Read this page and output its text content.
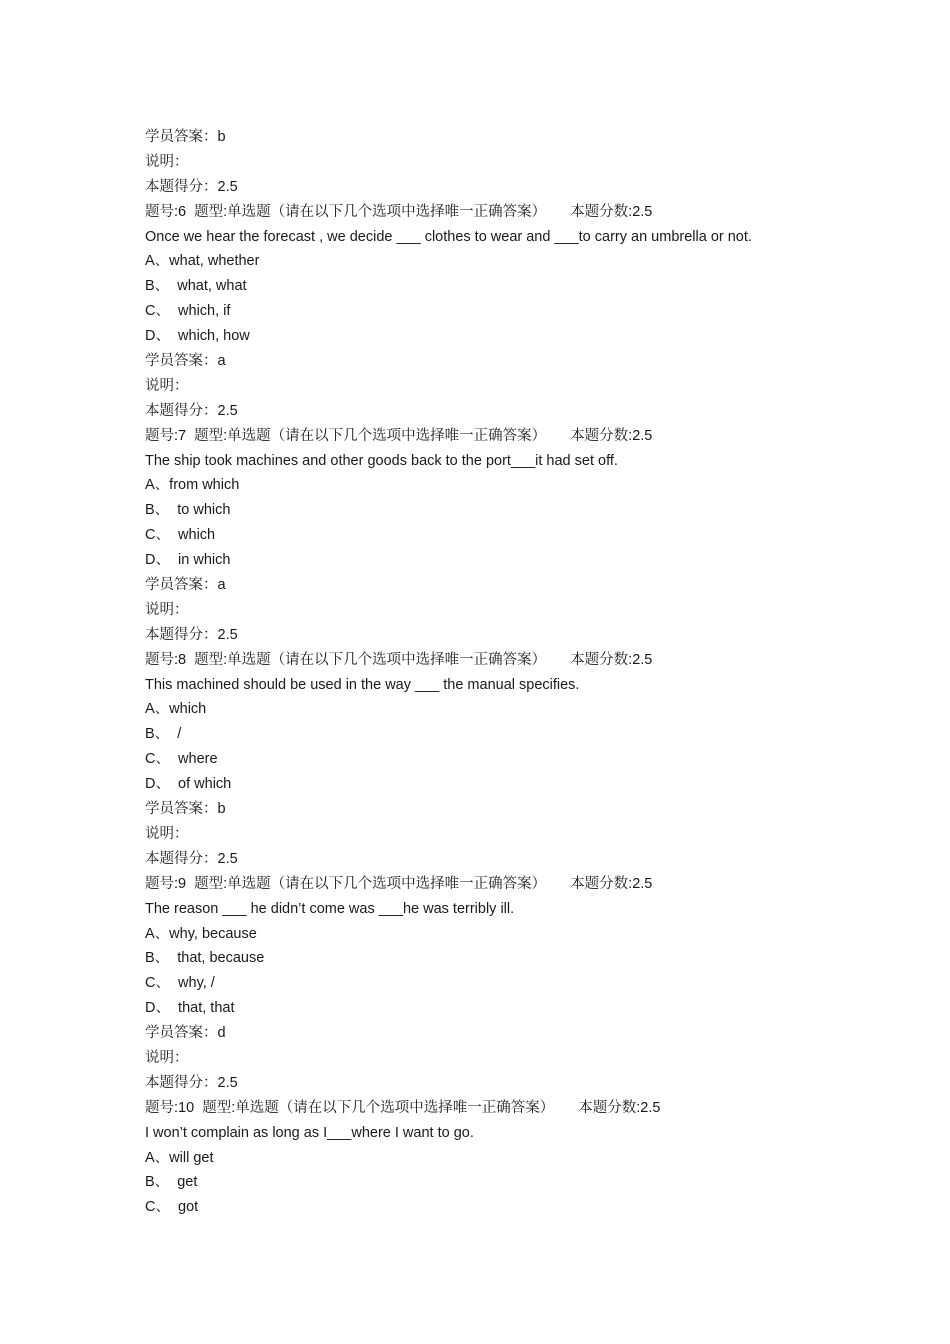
学员答案：b
说明：
本题得分：2.5
题号:6  题型:单选题（请在以下几个选项中选择唯一正确答案） 本题分数:2.5
Once we hear the forecast , we decide ___ clothes to wear and ___to carry an umbrella or not.
A、what, whether
B、  what, what
C、  which, if
D、  which, how
学员答案：a
说明：
本题得分：2.5
题号:7  题型:单选题（请在以下几个选项中选择唯一正确答案） 本题分数:2.5
The ship took machines and other goods back to the port___it had set off.
A、from which
B、  to which
C、  which
D、  in which
学员答案：a
说明：
本题得分：2.5
题号:8  题型:单选题（请在以下几个选项中选择唯一正确答案） 本题分数:2.5
This machined should be used in the way ___ the manual specifies.
A、which
B、  /
C、  where
D、  of which
学员答案：b
说明：
本题得分：2.5
题号:9  题型:单选题（请在以下几个选项中选择唯一正确答案） 本题分数:2.5
The reason ___ he didn’t come was ___he was terribly ill.
A、why, because
B、  that, because
C、  why, /
D、  that, that
学员答案：d
说明：
本题得分：2.5
题号:10  题型:单选题（请在以下几个选项中选择唯一正确答案） 本题分数:2.5
I won’t complain as long as I___where I want to go.
A、will get
B、  get
C、  got
